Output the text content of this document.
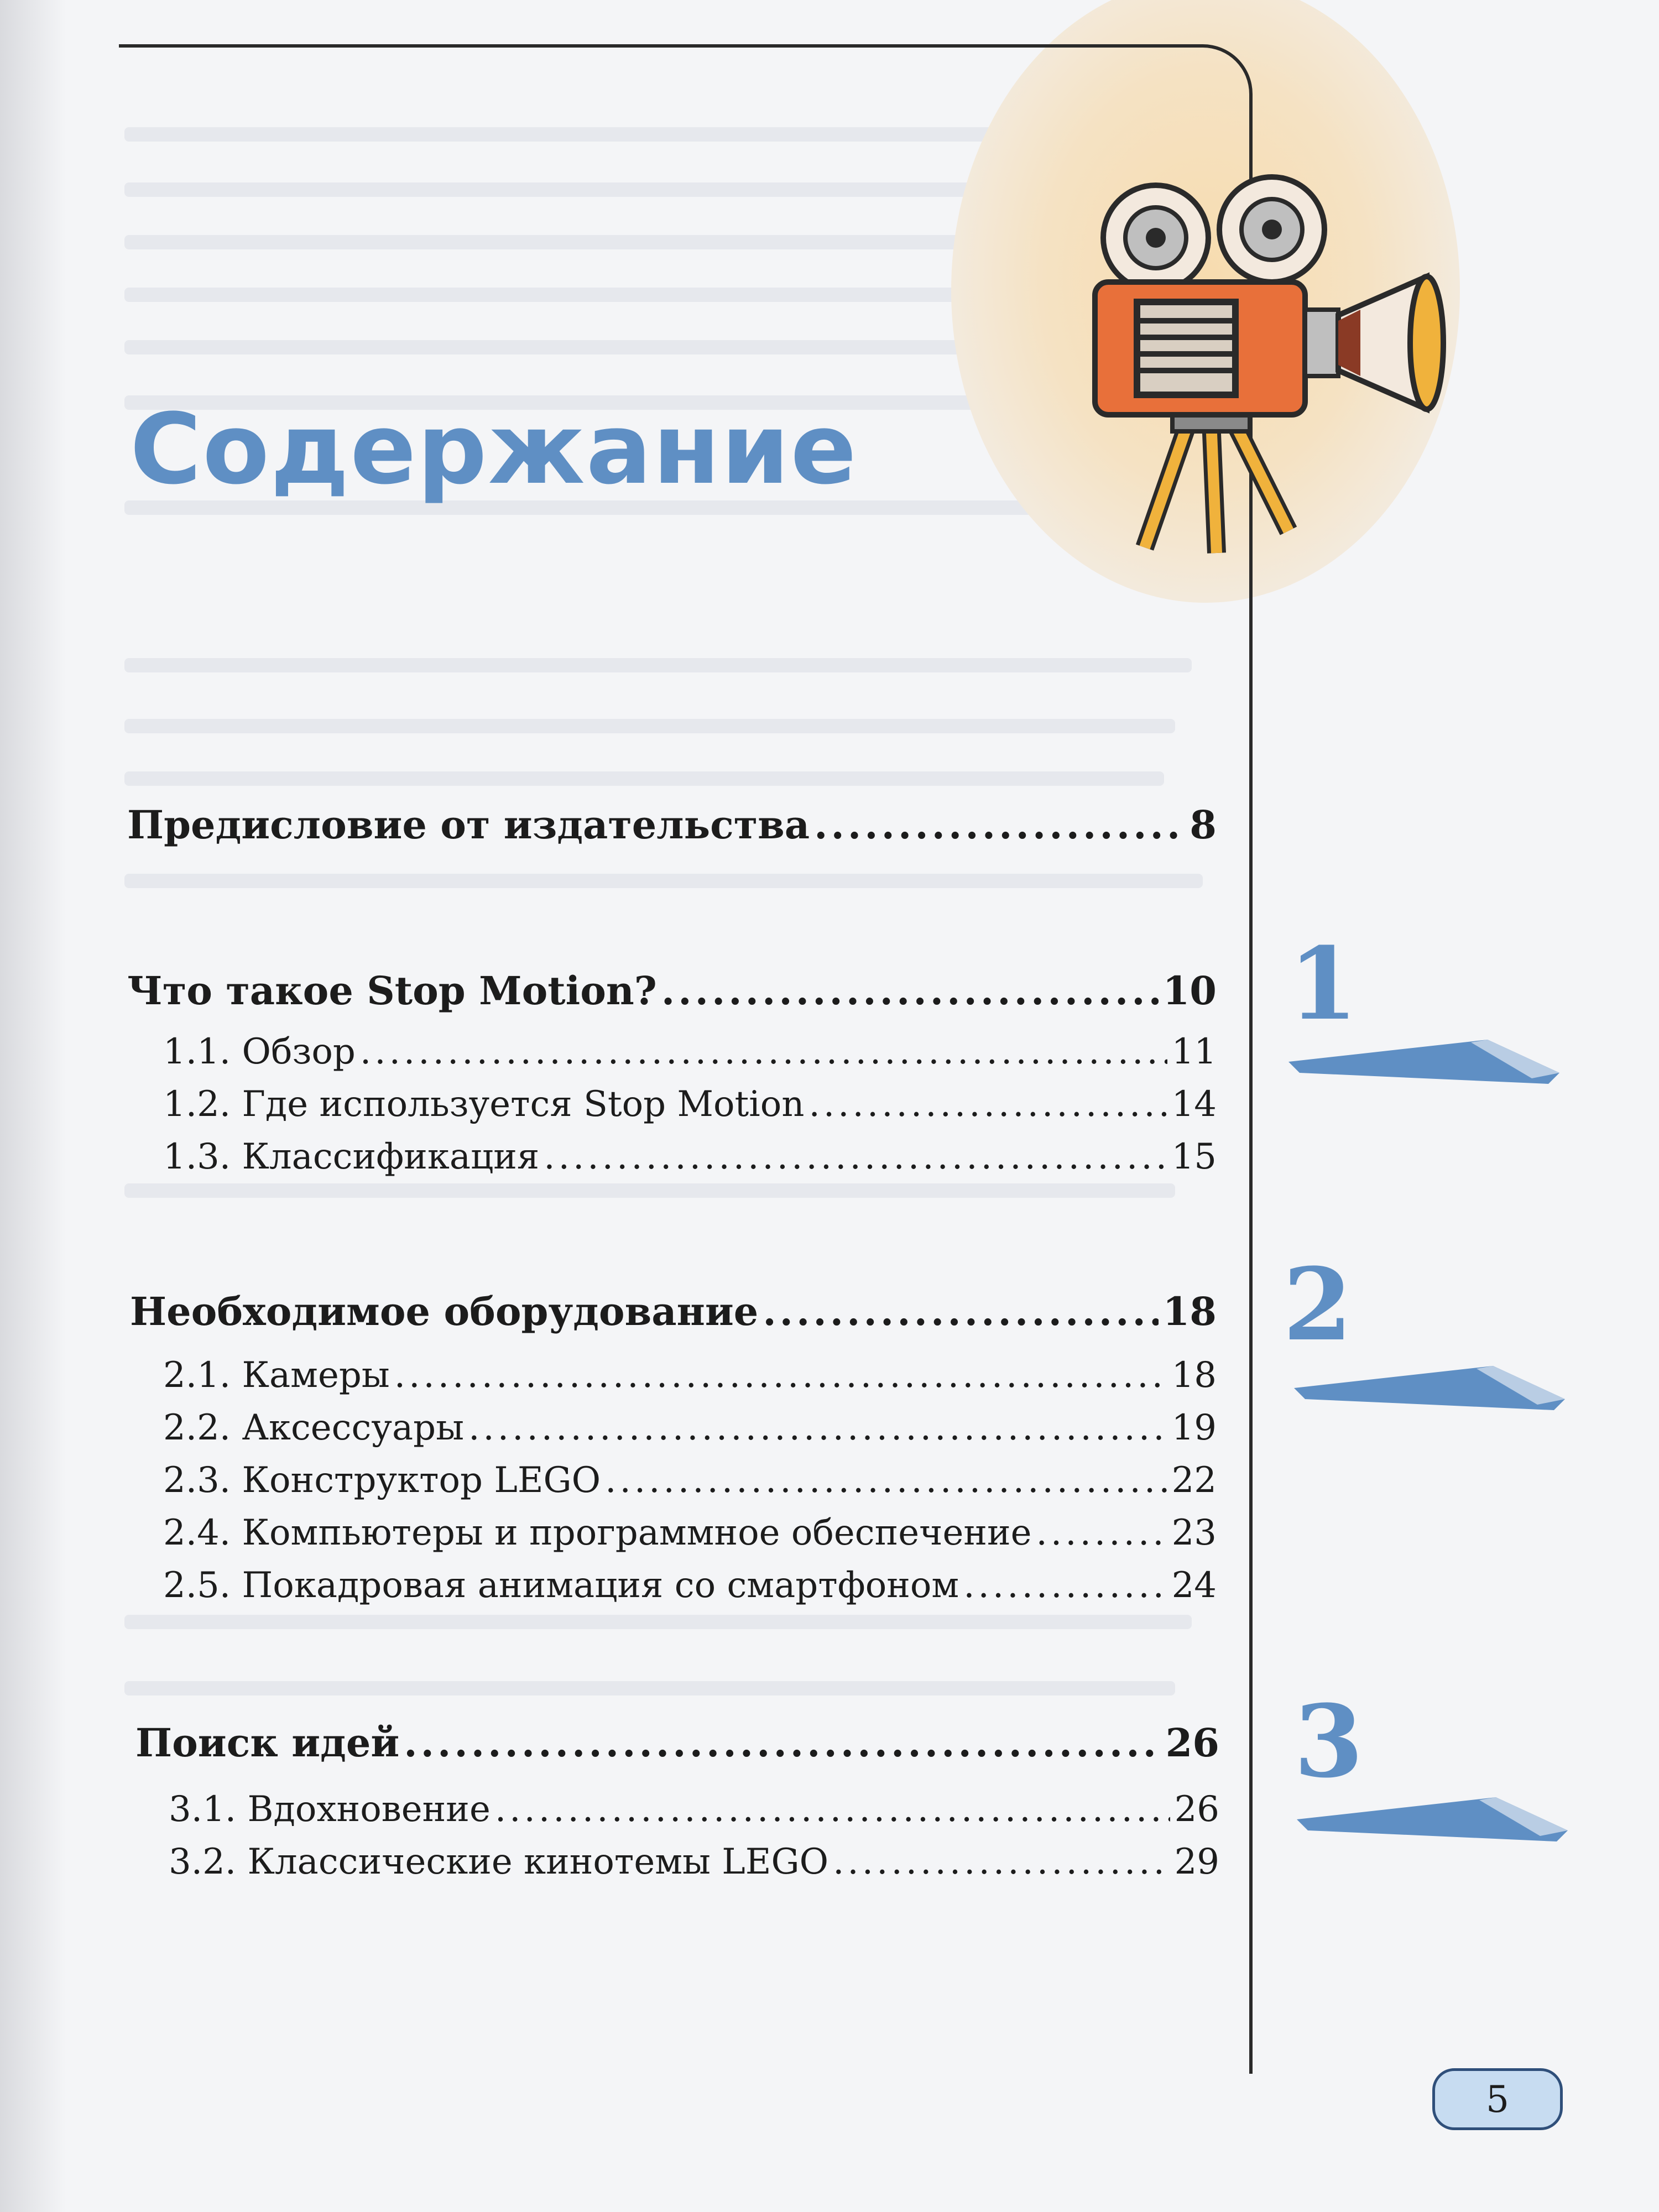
Содержание
Предисловие от издательства .....	8
Что такое Stop Motion? .....	10
1.1. Обзор .....	11
1.2. Где используется Stop Motion .....	14
1.3. Классификация .....	15
Необходимое оборудование .....	18
2.1. Камеры .....	18
2.2. Аксессуары .....	19
2.3. Конструктор LEGO .....	22
2.4. Компьютеры и программное обеспечение .....	23
2.5. Покадровая анимация со смартфоном .....	24
Поиск идей .....	26
3.1. Вдохновение .....	26
3.2. Классические кинотемы LEGO .....	29
1
2
3
5
